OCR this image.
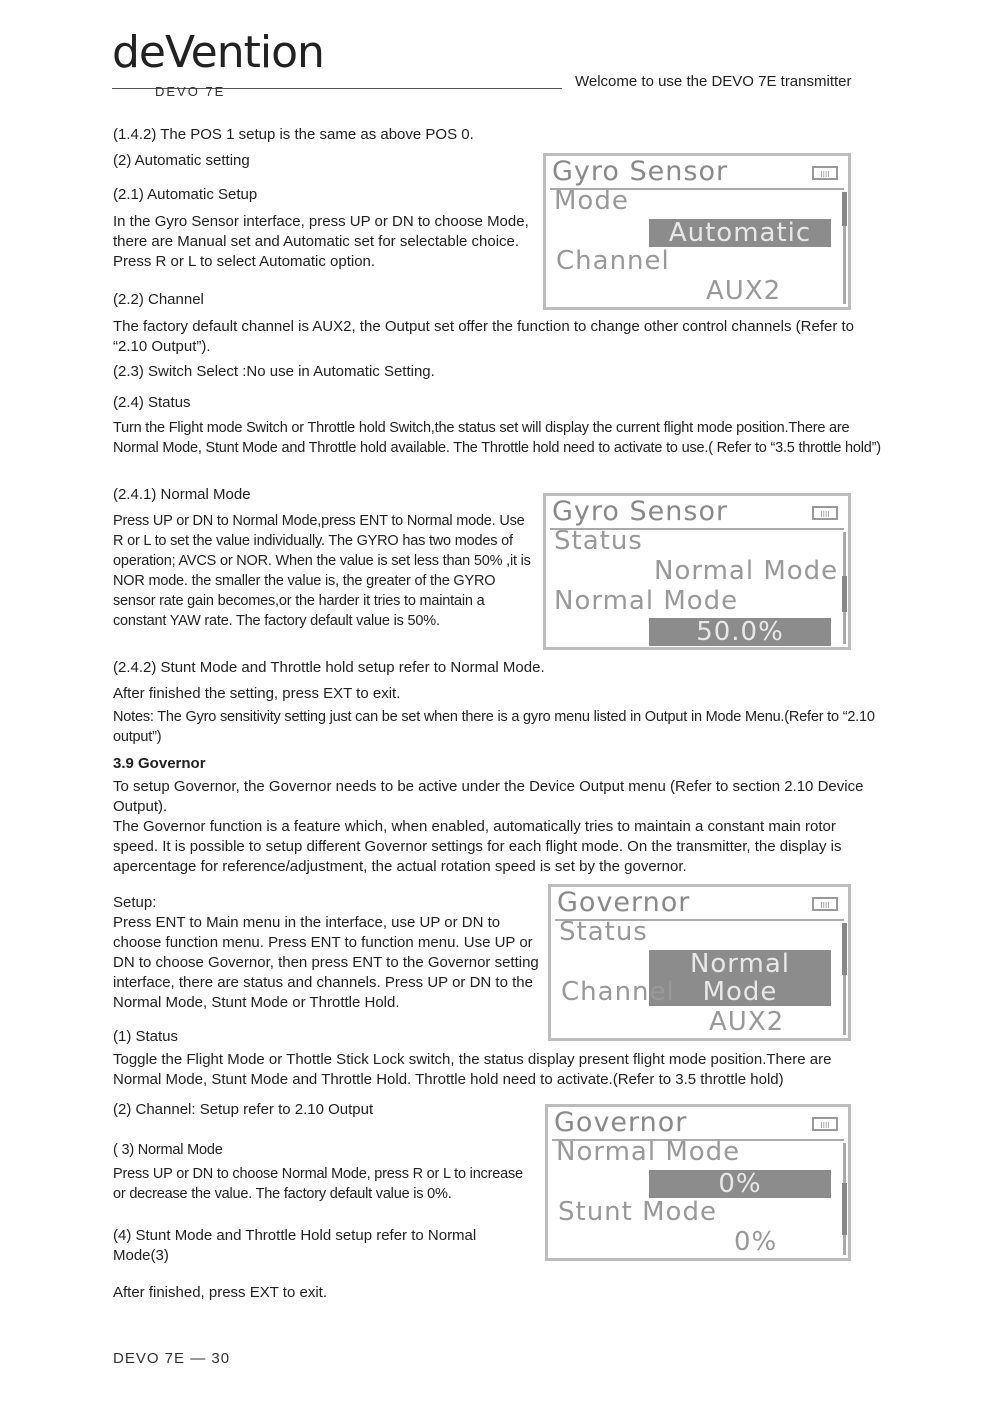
deVention
DEVO 7E
Welcome to use the DEVO 7E transmitter
(1.4.2) The POS 1 setup is the same as above POS 0.
(2) Automatic setting
(2.1) Automatic Setup
In the Gyro Sensor interface, press UP or DN to choose Mode, there are Manual set and Automatic set for selectable choice. Press R or L to select Automatic option.
(2.2) Channel
Gyro Sensor	IIII
Mode
Automatic
Channel
AUX2
The factory default channel is AUX2, the Output set offer the function to change other control channels (Refer to “2.10 Output”).
(2.3) Switch Select :No use in Automatic Setting.
(2.4) Status
Turn the Flight mode Switch or Throttle hold Switch,the status set will display the current flight mode position.There are Normal Mode, Stunt Mode and Throttle hold available. The Throttle hold need to activate to use.( Refer to “3.5 throttle hold”)
(2.4.1) Normal Mode
Press UP or DN to Normal Mode,press ENT to Normal mode. Use R or L to set the value individually. The GYRO has two modes of operation; AVCS or NOR. When the value is set less than 50% ,it is NOR mode. the smaller the value is, the greater of the GYRO sensor rate gain becomes,or the harder it tries to maintain a constant YAW rate. The factory default value is 50%.
Gyro Sensor	IIII
Status
Normal Mode
Normal Mode
50.0%
(2.4.2) Stunt Mode and Throttle hold setup refer to Normal Mode.
After finished the setting, press EXT to exit.
Notes: The Gyro sensitivity setting just can be set when there is a gyro menu listed in Output in Mode Menu.(Refer to “2.10 output”)
3.9 Governor
To setup Governor, the Governor needs to be active under the Device Output menu (Refer to section 2.10 Device Output).
The Governor function is a feature which, when enabled, automatically tries to maintain a constant main rotor speed. It is possible to setup different Governor settings for each flight mode. On the transmitter, the display is apercentage for reference/adjustment, the actual rotation speed is set by the governor.
Setup:
Press ENT to Main menu in the interface, use UP or DN to choose function menu. Press ENT to function menu. Use UP or DN to choose Governor, then press ENT to the Governor setting interface, there are status and channels. Press UP or DN to the Normal Mode, Stunt Mode or Throttle Hold.
Governor	IIII
Status
Normal Mode
Channel
AUX2
(1) Status
Toggle the Flight Mode or Thottle Stick Lock switch, the status display present flight mode position.There are Normal Mode, Stunt Mode and Throttle Hold. Throttle hold need to activate.(Refer to 3.5 throttle hold)
(2) Channel: Setup refer to 2.10 Output
( 3) Normal Mode
Press UP or DN to choose Normal Mode, press R or L to increase or decrease the value. The factory default value is 0%.
Governor	IIII
Normal Mode
0%
Stunt Mode
0%
(4) Stunt Mode and Throttle Hold setup refer to Normal Mode(3)
After finished, press EXT to exit.
DEVO 7E — 30
